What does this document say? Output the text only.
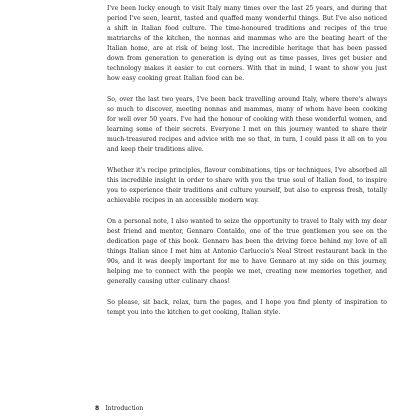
I've been lucky enough to visit Italy many times over the last 25 years, and during that period I've seen, learnt, tasted and quaffed many wonderful things. But I've also noticed a shift in Italian food culture. The time-honoured traditions and recipes of the true matriarchs of the kitchen, the nonnas and mammas who are the beating heart of the Italian home, are at risk of being lost. The incredible heritage that has been passed down from generation to generation is dying out as time passes, lives get busier and technology makes it easier to cut corners. With that in mind, I want to show you just how easy cooking great Italian food can be.

So, over the last two years, I've been back travelling around Italy, where there's always so much to discover, meeting nonnas and mammas, many of whom have been cooking for well over 50 years. I've had the honour of cooking with these wonderful women, and learning some of their secrets. Everyone I met on this journey wanted to share their much-treasured recipes and advice with me so that, in turn, I could pass it all on to you and keep their traditions alive.

Whether it's recipe principles, flavour combinations, tips or techniques, I've absorbed all this incredible insight in order to share with you the true soul of Italian food, to inspire you to experience their traditions and culture yourself, but also to express fresh, totally achievable recipes in an accessible modern way.

On a personal note, I also wanted to seize the opportunity to travel to Italy with my dear best friend and mentor, Gennaro Contaldo, one of the true gentlemen you see on the dedication page of this book. Gennaro has been the driving force behind my love of all things Italian since I met him at Antonio Carluccio's Neal Street restaurant back in the 90s, and it was deeply important for me to have Gennaro at my side on this journey, helping me to connect with the people we met, creating new memories together, and generally causing utter culinary chaos!

So please, sit back, relax, turn the pages, and I hope you find plenty of inspiration to tempt you into the kitchen to get cooking, Italian style.

8 Introduction
